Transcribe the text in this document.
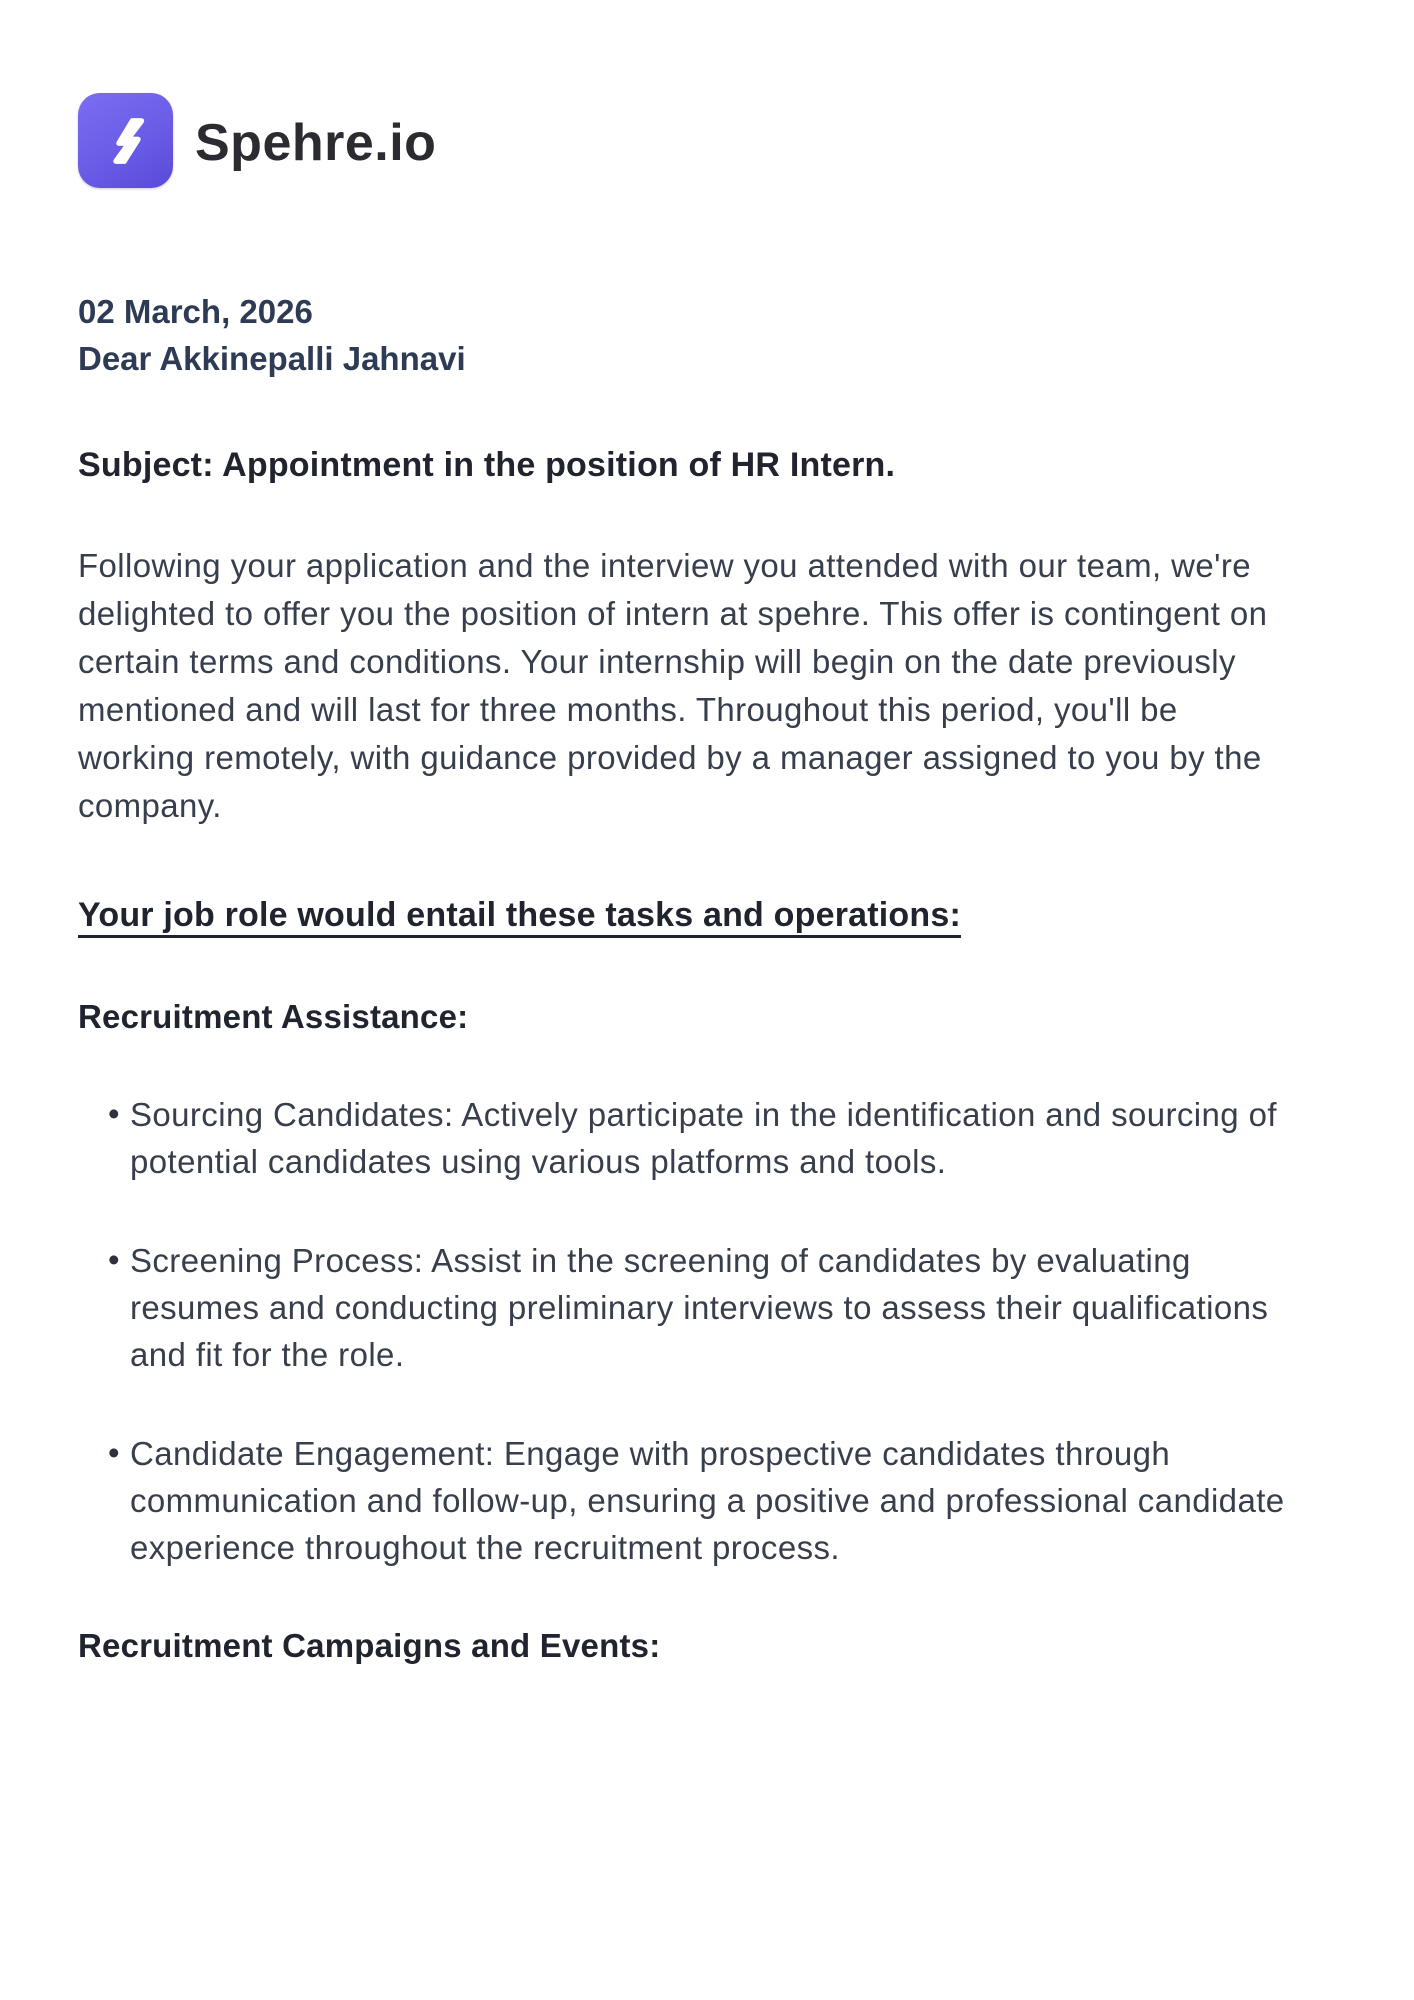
Spehre.io
02 March, 2026
Dear Akkinepalli Jahnavi
Subject: Appointment in the position of HR Intern.

Following your application and the interview you attended with our team, we're delighted to offer you the position of intern at spehre. This offer is contingent on certain terms and conditions. Your internship will begin on the date previously mentioned and will last for three months. Throughout this period, you'll be working remotely, with guidance provided by a manager assigned to you by the company.

Your job role would entail these tasks and operations:
Recruitment Assistance:
• Sourcing Candidates: Actively participate in the identification and sourcing of potential candidates using various platforms and tools.
• Screening Process: Assist in the screening of candidates by evaluating resumes and conducting preliminary interviews to assess their qualifications and fit for the role.
• Candidate Engagement: Engage with prospective candidates through communication and follow-up, ensuring a positive and professional candidate experience throughout the recruitment process.
Recruitment Campaigns and Events:
